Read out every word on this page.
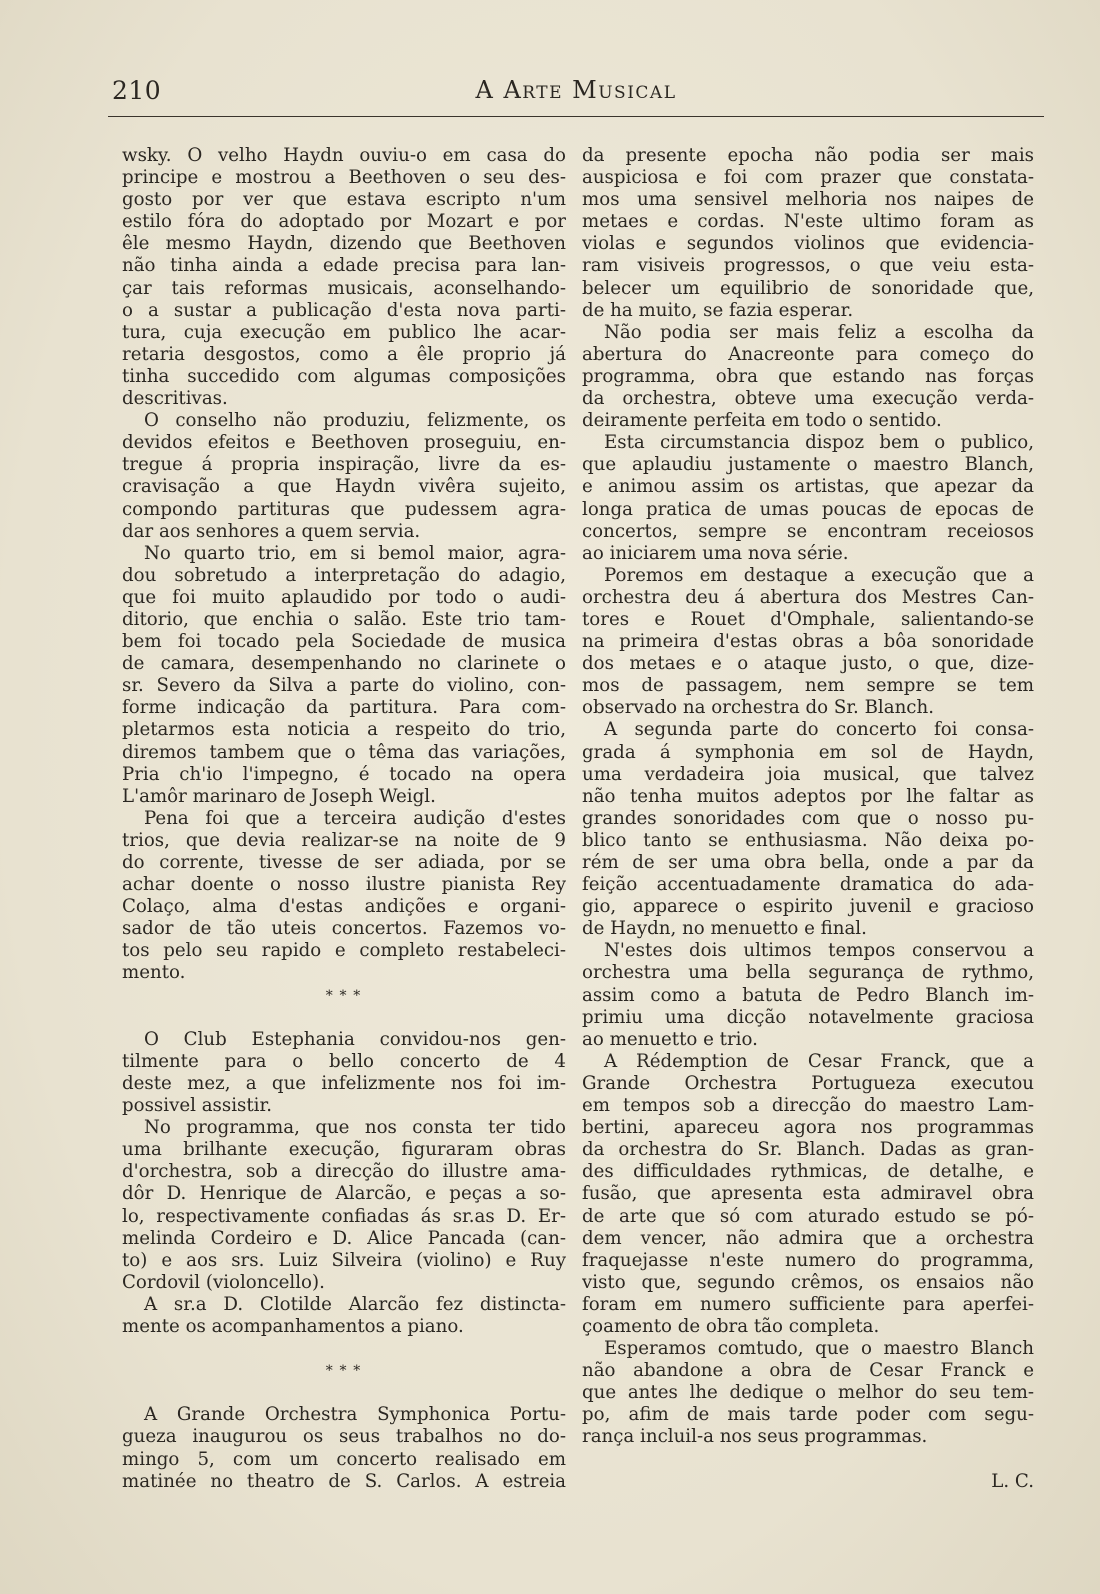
210	A Arte Musical
wsky. O velho Haydn ouviu-o em casa do
principe e mostrou a Beethoven o seu des-
gosto por ver que estava escripto n'um
estilo fóra do adoptado por Mozart e por
êle mesmo Haydn, dizendo que Beethoven
não tinha ainda a edade precisa para lan-
çar tais reformas musicais, aconselhando-
o a sustar a publicação d'esta nova parti-
tura, cuja execução em publico lhe acar-
retaria desgostos, como a êle proprio já
tinha succedido com algumas composições
descritivas.
O conselho não produziu, felizmente, os
devidos efeitos e Beethoven proseguiu, en-
tregue á propria inspiração, livre da es-
cravisação a que Haydn vivêra sujeito,
compondo partituras que pudessem agra-
dar aos senhores a quem servia.
No quarto trio, em si bemol maior, agra-
dou sobretudo a interpretação do adagio,
que foi muito aplaudido por todo o audi-
ditorio, que enchia o salão. Este trio tam-
bem foi tocado pela Sociedade de musica
de camara, desempenhando no clarinete o
sr. Severo da Silva a parte do violino, con-
forme indicação da partitura. Para com-
pletarmos esta noticia a respeito do trio,
diremos tambem que o têma das variações,
Pria ch'io l'impegno, é tocado na opera
L'amôr marinaro de Joseph Weigl.
Pena foi que a terceira audição d'estes
trios, que devia realizar-se na noite de 9
do corrente, tivesse de ser adiada, por se
achar doente o nosso ilustre pianista Rey
Colaço, alma d'estas andições e organi-
sador de tão uteis concertos. Fazemos vo-
tos pelo seu rapido e completo restabeleci-
mento.
* * *
O Club Estephania convidou-nos gen-
tilmente para o bello concerto de 4
deste mez, a que infelizmente nos foi im-
possivel assistir.
No programma, que nos consta ter tido
uma brilhante execução, figuraram obras
d'orchestra, sob a direcção do illustre ama-
dôr D. Henrique de Alarcão, e peças a so-
lo, respectivamente confiadas ás sr.as D. Er-
melinda Cordeiro e D. Alice Pancada (can-
to) e aos srs. Luiz Silveira (violino) e Ruy
Cordovil (violoncello).
A sr.a D. Clotilde Alarcão fez distincta-
mente os acompanhamentos a piano.
* * *
A Grande Orchestra Symphonica Portu-
gueza inaugurou os seus trabalhos no do-
mingo 5, com um concerto realisado em
matinée no theatro de S. Carlos. A estreia
da presente epocha não podia ser mais
auspiciosa e foi com prazer que constata-
mos uma sensivel melhoria nos naipes de
metaes e cordas. N'este ultimo foram as
violas e segundos violinos que evidencia-
ram visiveis progressos, o que veiu esta-
belecer um equilibrio de sonoridade que,
de ha muito, se fazia esperar.
Não podia ser mais feliz a escolha da
abertura do Anacreonte para começo do
programma, obra que estando nas forças
da orchestra, obteve uma execução verda-
deiramente perfeita em todo o sentido.
Esta circumstancia dispoz bem o publico,
que aplaudiu justamente o maestro Blanch,
e animou assim os artistas, que apezar da
longa pratica de umas poucas de epocas de
concertos, sempre se encontram receiosos
ao iniciarem uma nova série.
Poremos em destaque a execução que a
orchestra deu á abertura dos Mestres Can-
tores e Rouet d'Omphale, salientando-se
na primeira d'estas obras a bôa sonoridade
dos metaes e o ataque justo, o que, dize-
mos de passagem, nem sempre se tem
observado na orchestra do Sr. Blanch.
A segunda parte do concerto foi consa-
grada á symphonia em sol de Haydn,
uma verdadeira joia musical, que talvez
não tenha muitos adeptos por lhe faltar as
grandes sonoridades com que o nosso pu-
blico tanto se enthusiasma. Não deixa po-
rém de ser uma obra bella, onde a par da
feição accentuadamente dramatica do ada-
gio, apparece o espirito juvenil e gracioso
de Haydn, no menuetto e final.
N'estes dois ultimos tempos conservou a
orchestra uma bella segurança de rythmo,
assim como a batuta de Pedro Blanch im-
primiu uma dicção notavelmente graciosa
ao menuetto e trio.
A Rédemption de Cesar Franck, que a
Grande Orchestra Portugueza executou
em tempos sob a direcção do maestro Lam-
bertini, apareceu agora nos programmas
da orchestra do Sr. Blanch. Dadas as gran-
des difficuldades rythmicas, de detalhe, e
fusão, que apresenta esta admiravel obra
de arte que só com aturado estudo se pó-
dem vencer, não admira que a orchestra
fraquejasse n'este numero do programma,
visto que, segundo crêmos, os ensaios não
foram em numero sufficiente para aperfei-
çoamento de obra tão completa.
Esperamos comtudo, que o maestro Blanch
não abandone a obra de Cesar Franck e
que antes lhe dedique o melhor do seu tem-
po, afim de mais tarde poder com segu-
rança incluil-a nos seus programmas.
L. C.
